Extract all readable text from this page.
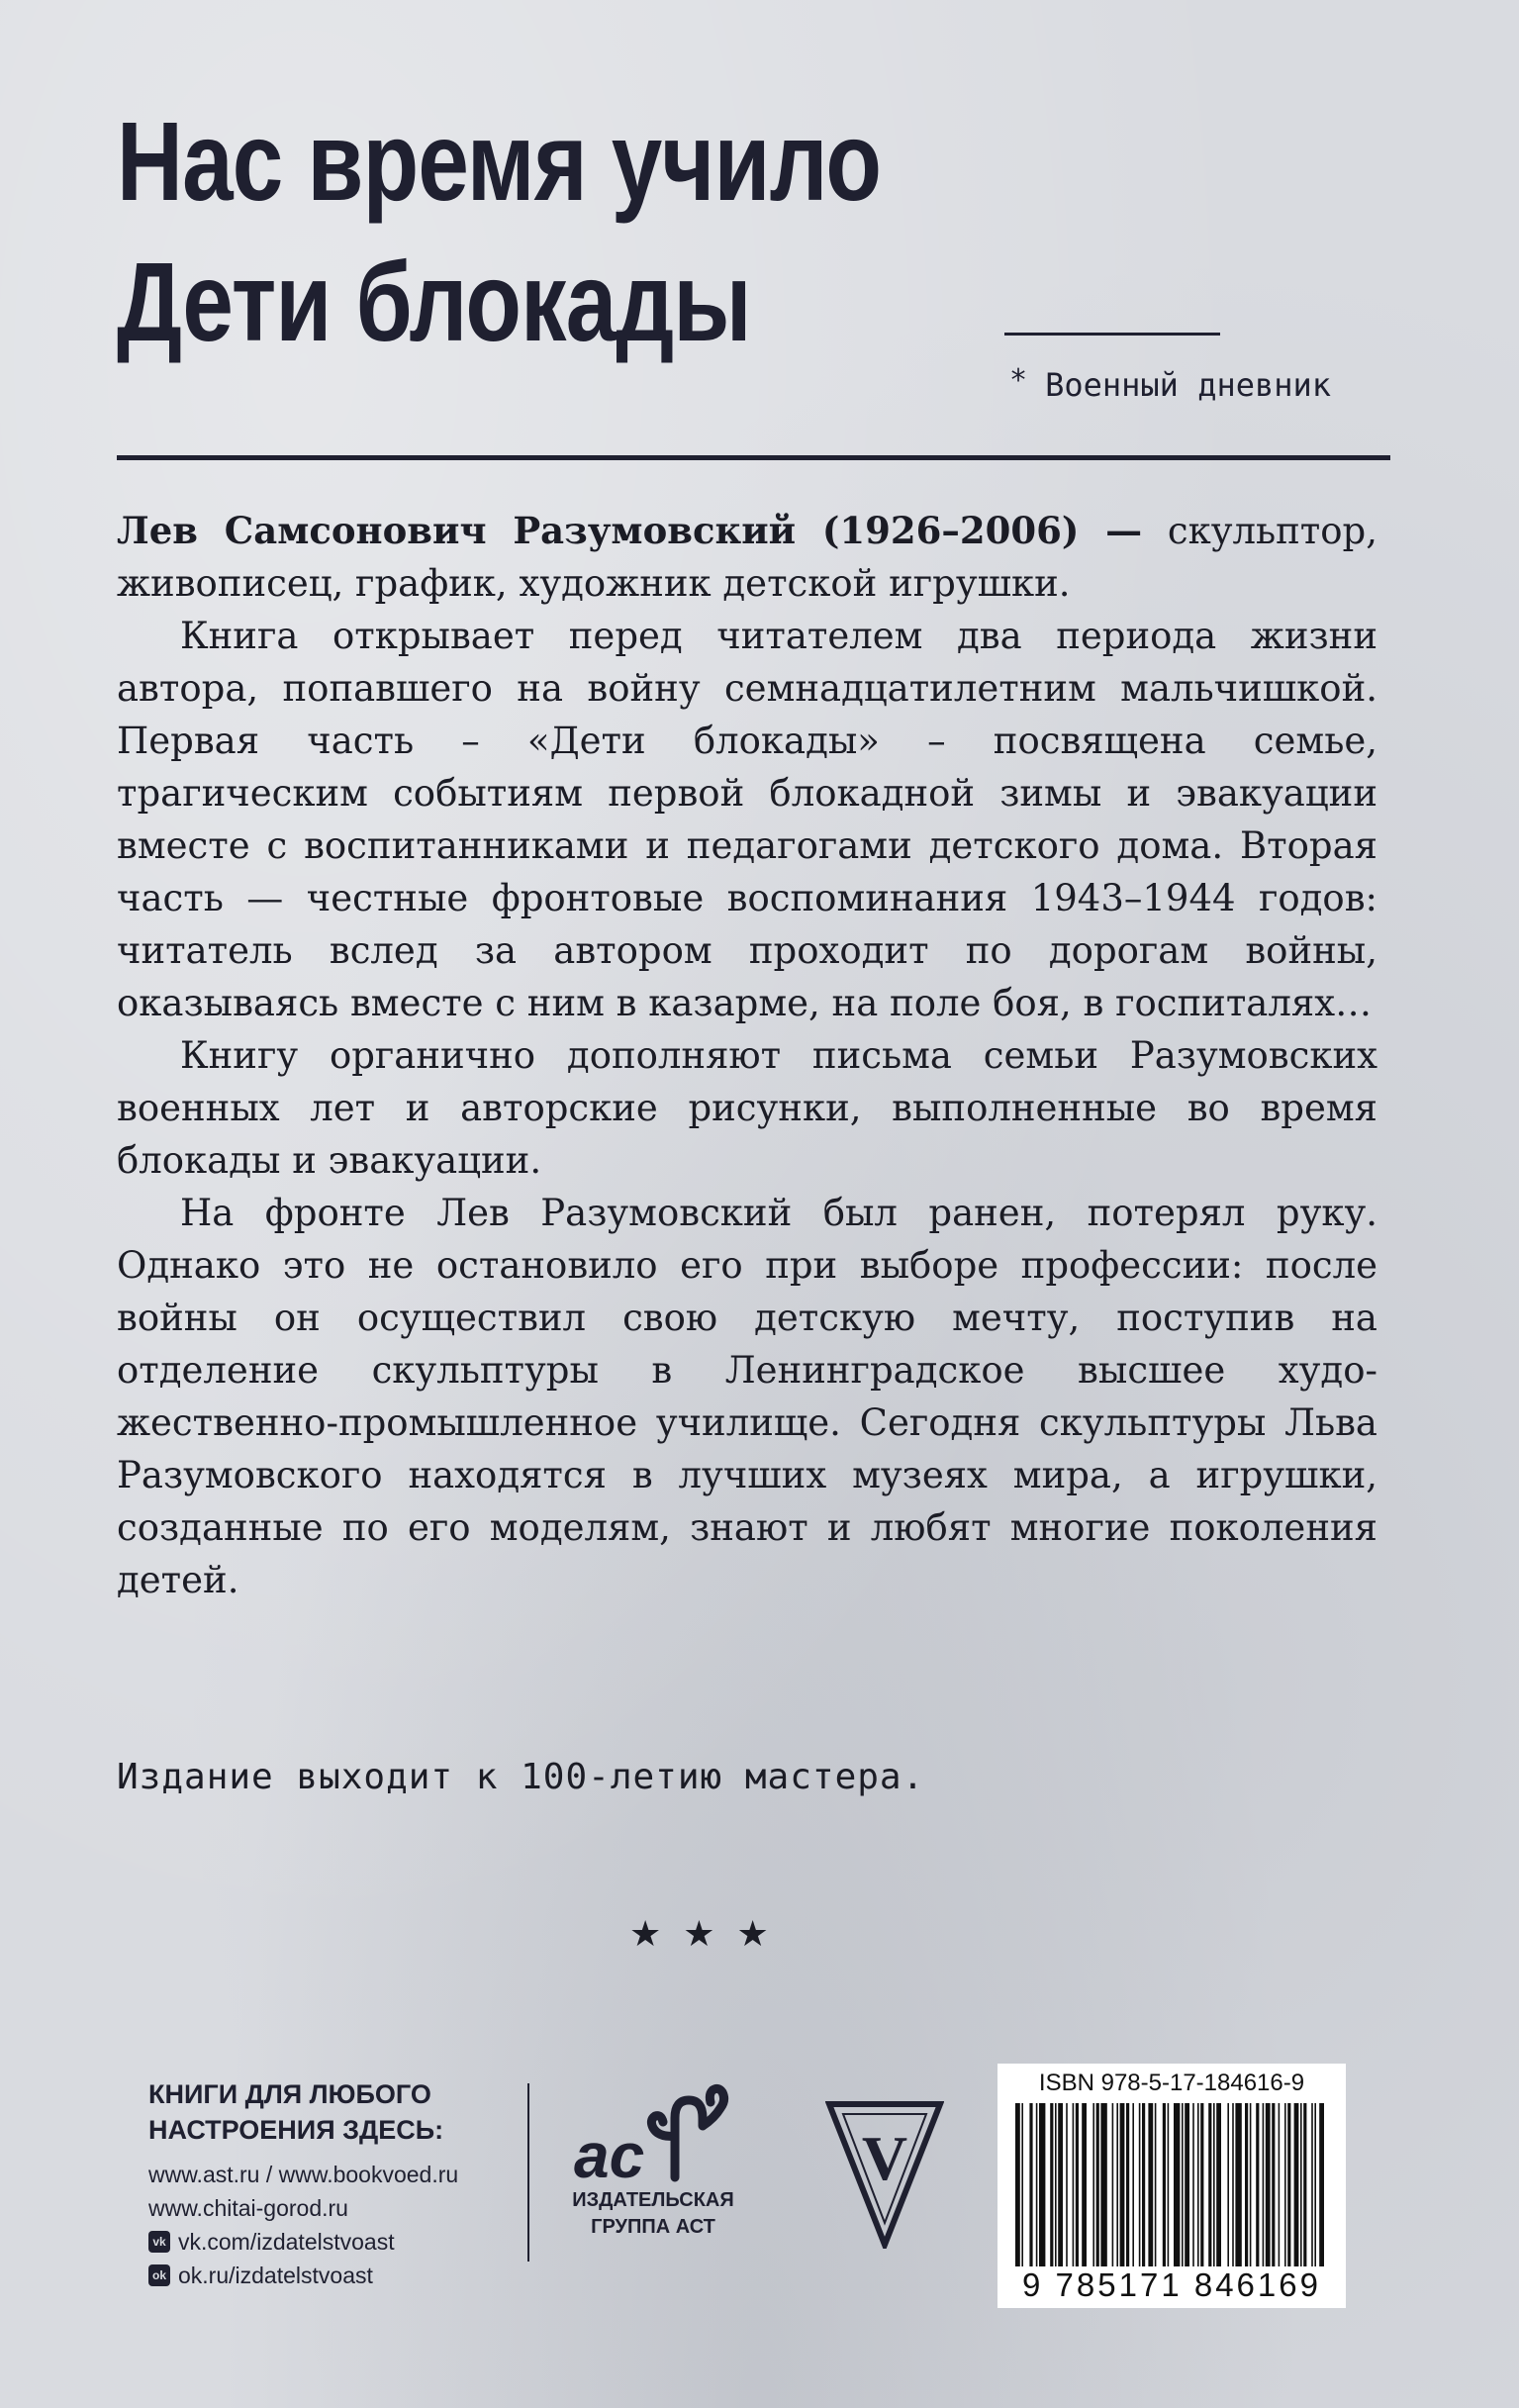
Нас время учило
Дети блокады
* Военный дневник

Лев Самсонович Разумовский (1926–2006) — скульптор, живописец, график, художник детской игрушки.

Книга открывает перед читателем два периода жизни автора, попавшего на войну семнадцатилетним мальчишкой. Первая часть – «Дети блокады» – посвящена семье, трагическим событиям первой блокадной зимы и эвакуации вместе с воспитанниками и педагогами детского дома. Вторая часть — честные фронтовые воспоминания 1943–1944 годов: читатель вслед за автором проходит по дорогам войны, оказываясь вместе с ним в казарме, на поле боя, в госпиталях…

Книгу органично дополняют письма семьи Разумовских военных лет и авторские рисунки, выполненные во время блокады и эвакуации.

На фронте Лев Разумовский был ранен, потерял руку. Однако это не остановило его при выборе профессии: после войны он осуществил свою детскую мечту, поступив на отделение скульптуры в Ленинградское высшее художественно-промышленное училище. Сегодня скульптуры Льва Разумовского находятся в лучших музеях мира, а игрушки, созданные по его моделям, знают и любят многие поколения детей.

Издание выходит к 100-летию мастера.
★★★
КНИГИ ДЛЯ ЛЮБОГО
НАСТРОЕНИЯ ЗДЕСЬ:
www.ast.ru / www.bookvoed.ru
www.chitai-gorod.ru
vk vk.com/izdatelstvoast
ok ok.ru/izdatelstvoast
ac
ИЗДАТЕЛЬСКАЯ
ГРУППА АСТ
V
ISBN 978-5-17-184616-9
9 785171 846169
